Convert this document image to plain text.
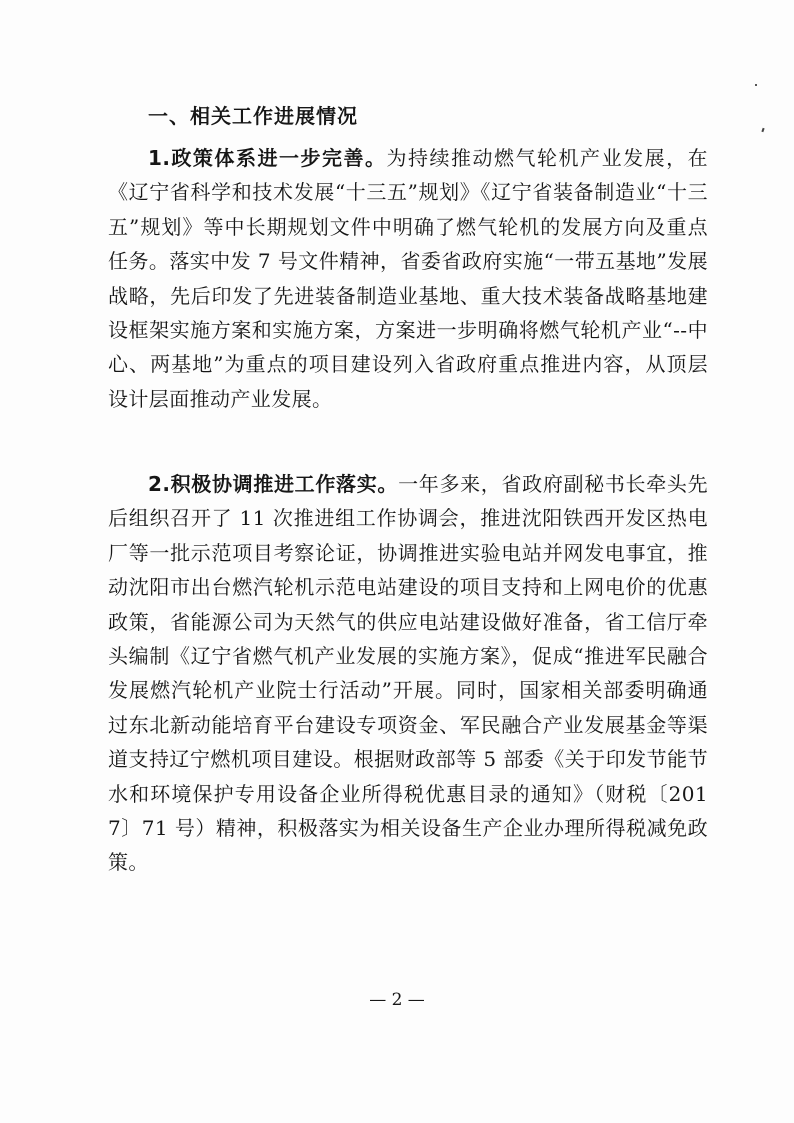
一、相关工作进展情况

1.政策体系进一步完善。为持续推动燃气轮机产业发展，在《辽宁省科学和技术发展“十三五”规划》《辽宁省装备制造业“十三五”规划》等中长期规划文件中明确了燃气轮机的发展方向及重点任务。落实中发 7 号文件精神，省委省政府实施“一带五基地”发展战略，先后印发了先进装备制造业基地、重大技术装备战略基地建设框架实施方案和实施方案，方案进一步明确将燃气轮机产业“--中心、两基地”为重点的项目建设列入省政府重点推进内容，从顶层设计层面推动产业发展。

2.积极协调推进工作落实。一年多来，省政府副秘书长牵头先后组织召开了 11 次推进组工作协调会，推进沈阳铁西开发区热电厂等一批示范项目考察论证，协调推进实验电站并网发电事宜，推动沈阳市出台燃汽轮机示范电站建设的项目支持和上网电价的优惠政策，省能源公司为天然气的供应电站建设做好准备，省工信厅牵头编制《辽宁省燃气机产业发展的实施方案》，促成“推进军民融合发展燃汽轮机产业院士行活动”开展。同时，国家相关部委明确通过东北新动能培育平台建设专项资金、军民融合产业发展基金等渠道支持辽宁燃机项目建设。根据财政部等 5 部委《关于印发节能节水和环境保护专用设备企业所得税优惠目录的通知》（财税〔2017〕71 号）精神，积极落实为相关设备生产企业办理所得税减免政策。

— 2 —
